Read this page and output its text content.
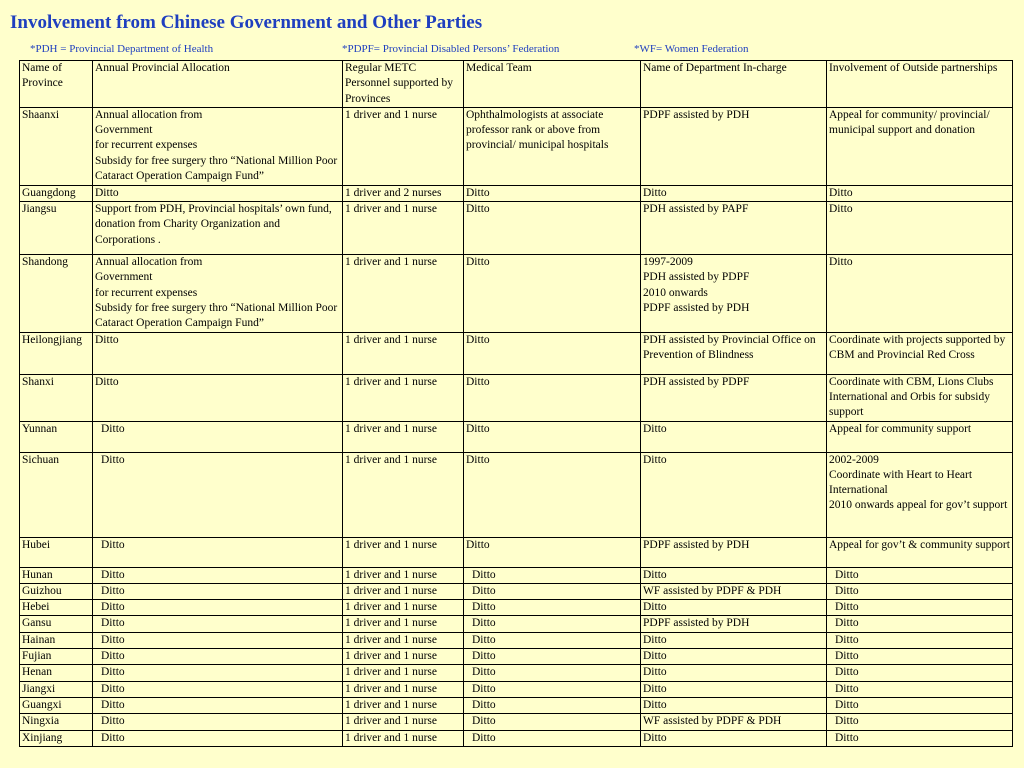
Involvement from Chinese Government and Other Parties
*PDH = Provincial Department of Health	*PDPF= Provincial Disabled Persons’ Federation	*WF= Women Federation
Name of Province	Annual Provincial Allocation	Regular METC Personnel supported by Provinces	Medical Team	Name of Department In-charge	Involvement of Outside partnerships
Shaanxi	Annual allocation from
Government
for recurrent expenses
Subsidy for free surgery thro “National Million Poor Cataract Operation Campaign Fund”	1 driver and 1 nurse	Ophthalmologists at associate professor rank or above from provincial/ municipal hospitals	PDPF assisted by PDH	Appeal for community/ provincial/ municipal support and donation
Guangdong	Ditto	1 driver and 2 nurses	Ditto	Ditto	Ditto
Jiangsu	Support from PDH, Provincial hospitals’ own fund, donation from Charity Organization and Corporations .	1 driver and 1 nurse	Ditto	PDH assisted by PAPF	Ditto
Shandong	Annual allocation from
Government
for recurrent expenses
Subsidy for free surgery thro “National Million Poor Cataract Operation Campaign Fund”	1 driver and 1 nurse	Ditto	1997-2009
PDH assisted by PDPF
2010 onwards
PDPF assisted by PDH	Ditto
Heilongjiang	Ditto	1 driver and 1 nurse	Ditto	PDH assisted by Provincial Office on Prevention of Blindness	Coordinate with projects supported by CBM and Provincial Red Cross
Shanxi	Ditto	1 driver and 1 nurse	Ditto	PDH assisted by PDPF	Coordinate with CBM, Lions Clubs International and Orbis for subsidy support
Yunnan	Ditto	1 driver and 1 nurse	Ditto	Ditto	Appeal for community support
Sichuan	Ditto	1 driver and 1 nurse	Ditto	Ditto	2002-2009
Coordinate with Heart to Heart International
2010 onwards appeal for gov’t support
Hubei	Ditto	1 driver and 1 nurse	Ditto	PDPF assisted by PDH	Appeal for gov’t & community support
Hunan	Ditto	1 driver and 1 nurse	Ditto	Ditto	Ditto
Guizhou	Ditto	1 driver and 1 nurse	Ditto	WF assisted by PDPF & PDH	Ditto
Hebei	Ditto	1 driver and 1 nurse	Ditto	Ditto	Ditto
Gansu	Ditto	1 driver and 1 nurse	Ditto	PDPF assisted by PDH	Ditto
Hainan	Ditto	1 driver and 1 nurse	Ditto	Ditto	Ditto
Fujian	Ditto	1 driver and 1 nurse	Ditto	Ditto	Ditto
Henan	Ditto	1 driver and 1 nurse	Ditto	Ditto	Ditto
Jiangxi	Ditto	1 driver and 1 nurse	Ditto	Ditto	Ditto
Guangxi	Ditto	1 driver and 1 nurse	Ditto	Ditto	Ditto
Ningxia	Ditto	1 driver and 1 nurse	Ditto	WF assisted by PDPF & PDH	Ditto
Xinjiang	Ditto	1 driver and 1 nurse	Ditto	Ditto	Ditto
